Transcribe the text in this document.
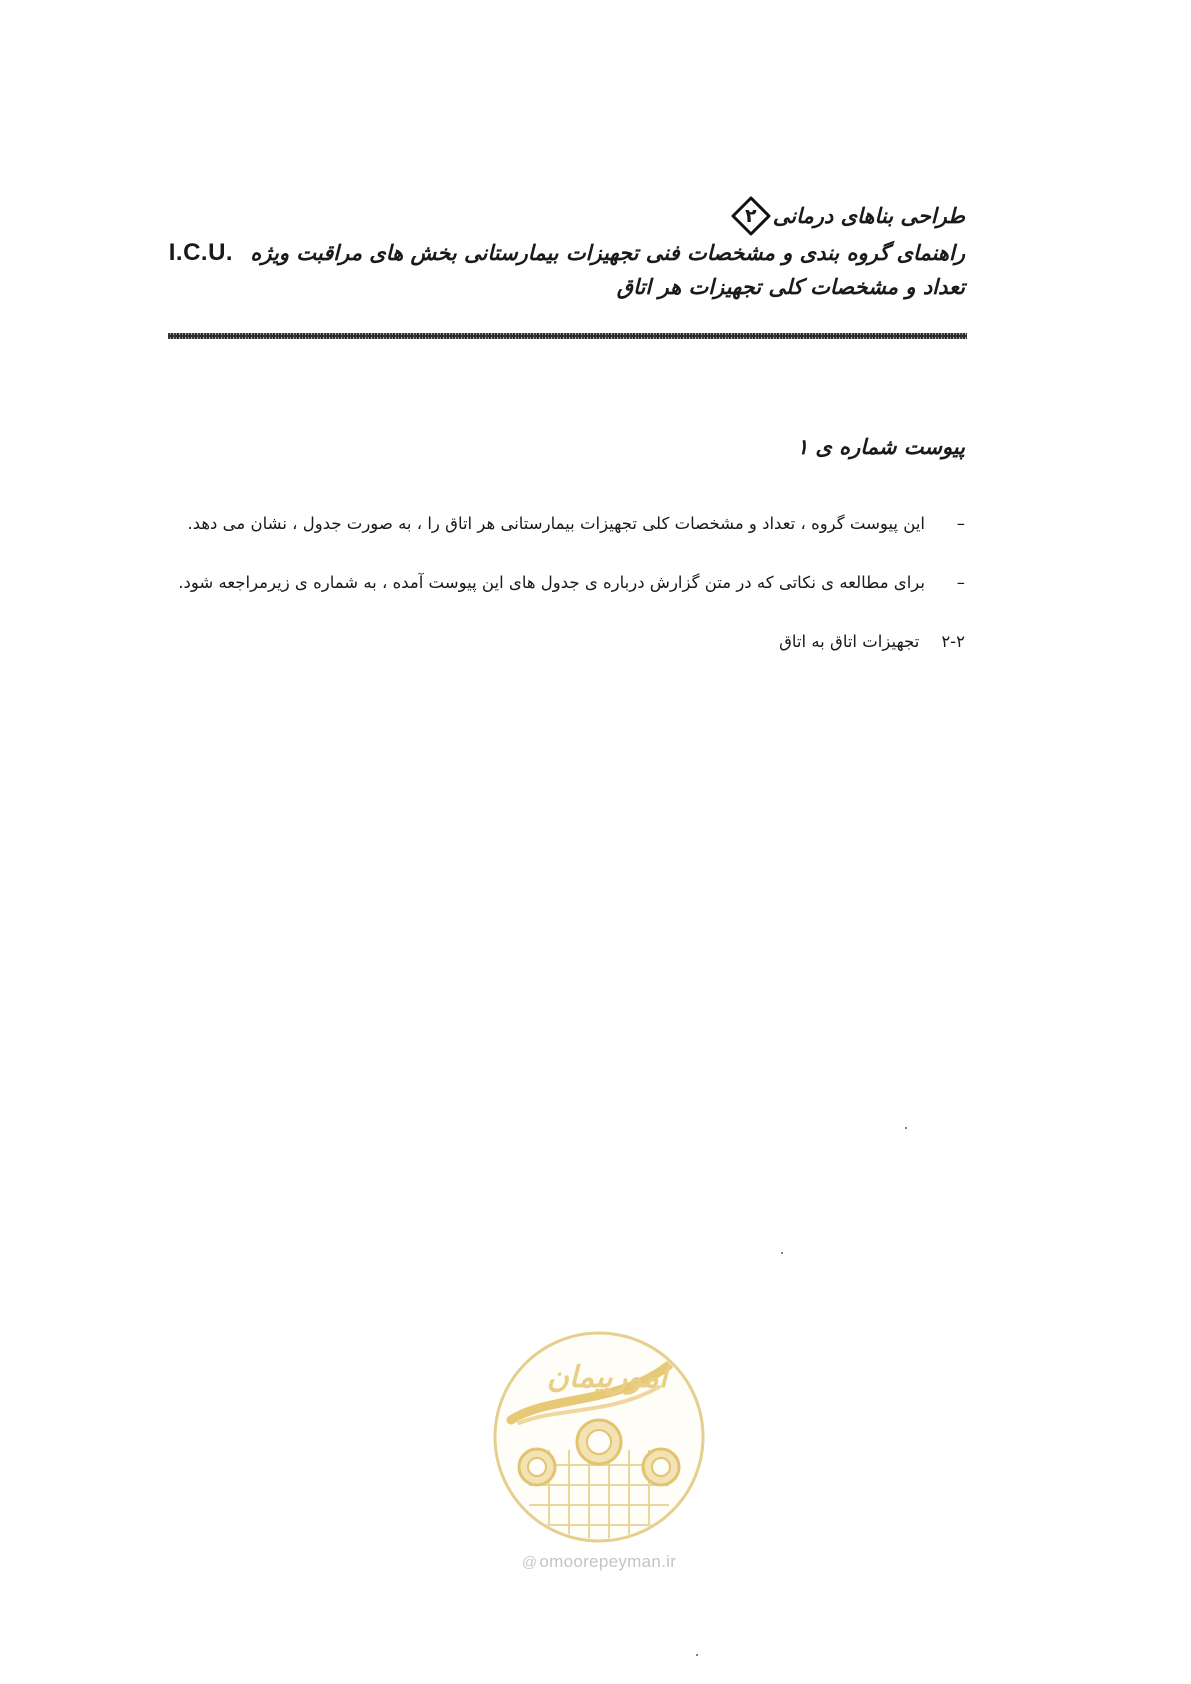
طراحی بناهای درمانی
۲
راهنمای گروه بندی و مشخصات فنی تجهیزات بیمارستانی بخش های مراقبت ویژه I.C.U.
تعداد و مشخصات کلی تجهیزات هر اتاق
پیوست شماره ی ۱
–
این پیوست گروه ، تعداد و مشخصات کلی تجهیزات بیمارستانی هر اتاق را ، به صورت جدول ، نشان می دهد.
–
برای مطالعه ی نکاتی که در متن گزارش درباره ی جدول های این پیوست آمده ، به شماره ی زیرمراجعه شود.
۲-۲
تجهیزات اتاق به اتاق
امورپیمان
@ omoorepeyman.ir
